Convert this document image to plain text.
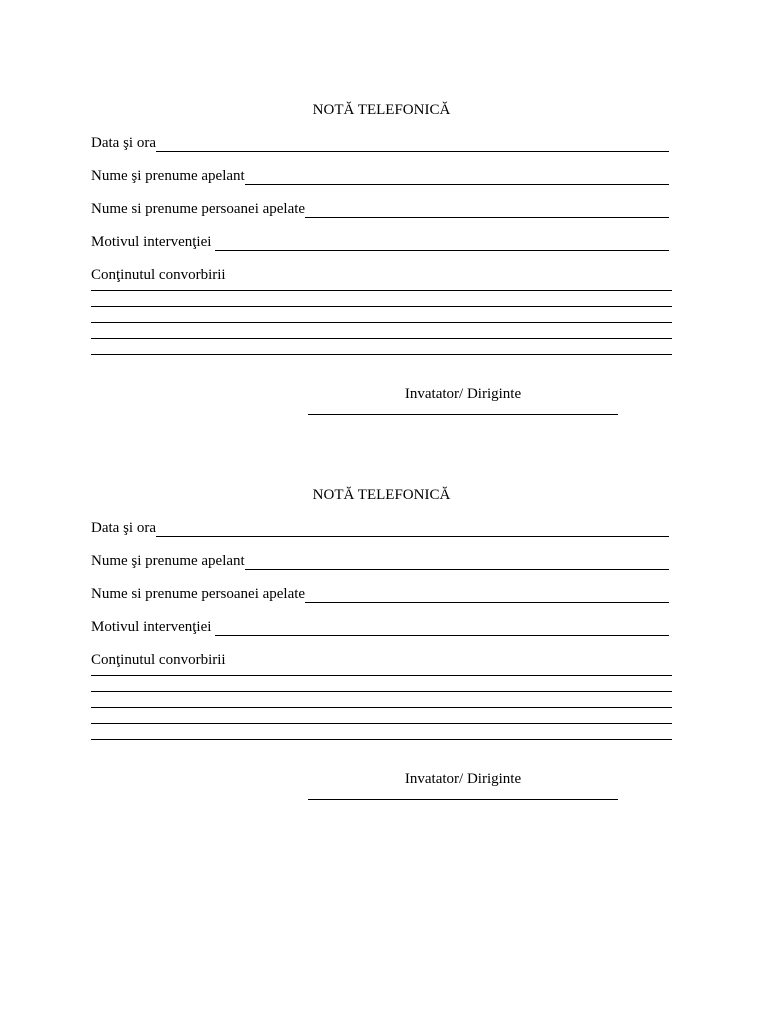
NOTĂ TELEFONICĂ
Data şi ora
Nume şi prenume apelant
Nume si prenume persoanei apelate
Motivul intervenţiei
Conţinutul convorbirii
Invatator/ Diriginte
NOTĂ TELEFONICĂ
Data şi ora
Nume şi prenume apelant
Nume si prenume persoanei apelate
Motivul intervenţiei
Conţinutul convorbirii
Invatator/ Diriginte
